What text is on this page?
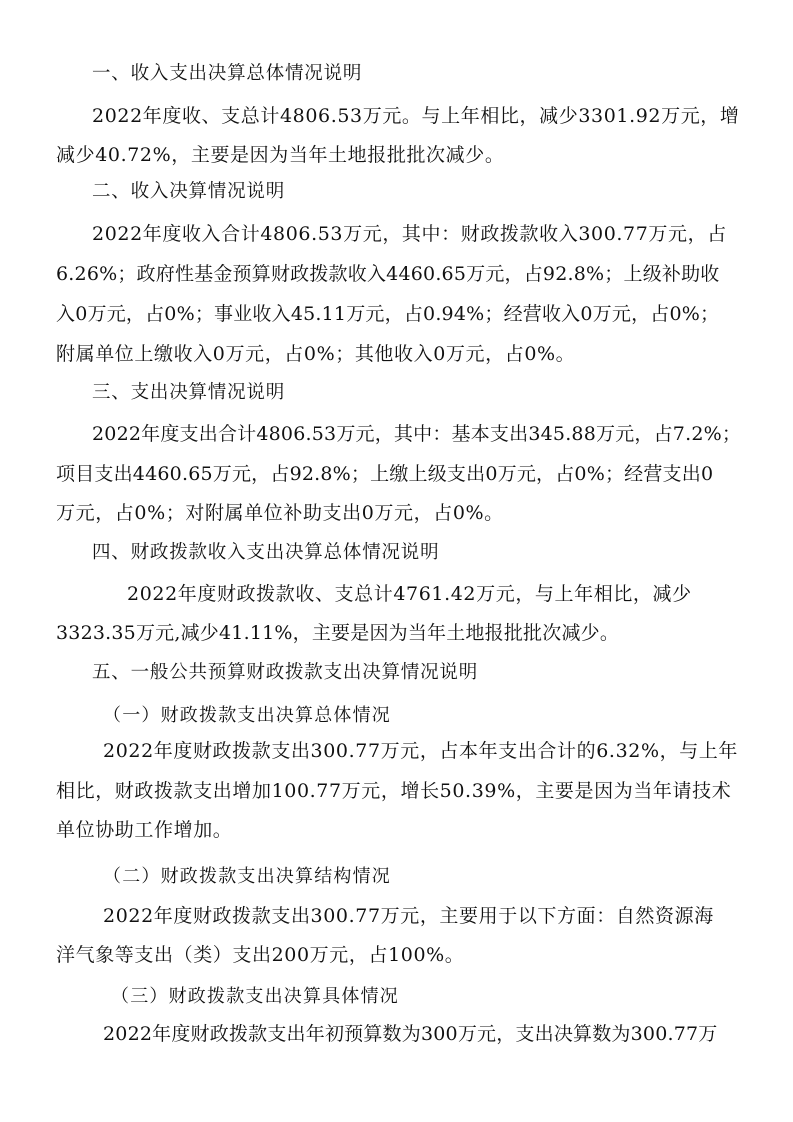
一、收入支出决算总体情况说明
2022年度收、支总计4806.53万元。与上年相比，减少3301.92万元，增
减少40.72%，主要是因为当年土地报批批次减少。
二、收入决算情况说明
2022年度收入合计4806.53万元，其中：财政拨款收入300.77万元，占
6.26%；政府性基金预算财政拨款收入4460.65万元，占92.8%；上级补助收
入0万元，占0%；事业收入45.11万元，占0.94%；经营收入0万元，占0%；
附属单位上缴收入0万元，占0%；其他收入0万元，占0%。
三、支出决算情况说明
2022年度支出合计4806.53万元，其中：基本支出345.88万元，占7.2%；
项目支出4460.65万元，占92.8%；上缴上级支出0万元，占0%；经营支出0
万元，占0%；对附属单位补助支出0万元，占0%。
四、财政拨款收入支出决算总体情况说明
2022年度财政拨款收、支总计4761.42万元，与上年相比，减少
3323.35万元,减少41.11%，主要是因为当年土地报批批次减少。
五、一般公共预算财政拨款支出决算情况说明
（一）财政拨款支出决算总体情况
2022年度财政拨款支出300.77万元，占本年支出合计的6.32%，与上年
相比，财政拨款支出增加100.77万元，增长50.39%，主要是因为当年请技术
单位协助工作增加。
（二）财政拨款支出决算结构情况
2022年度财政拨款支出300.77万元，主要用于以下方面：自然资源海
洋气象等支出（类）支出200万元，占100%。
（三）财政拨款支出决算具体情况
2022年度财政拨款支出年初预算数为300万元，支出决算数为300.77万
